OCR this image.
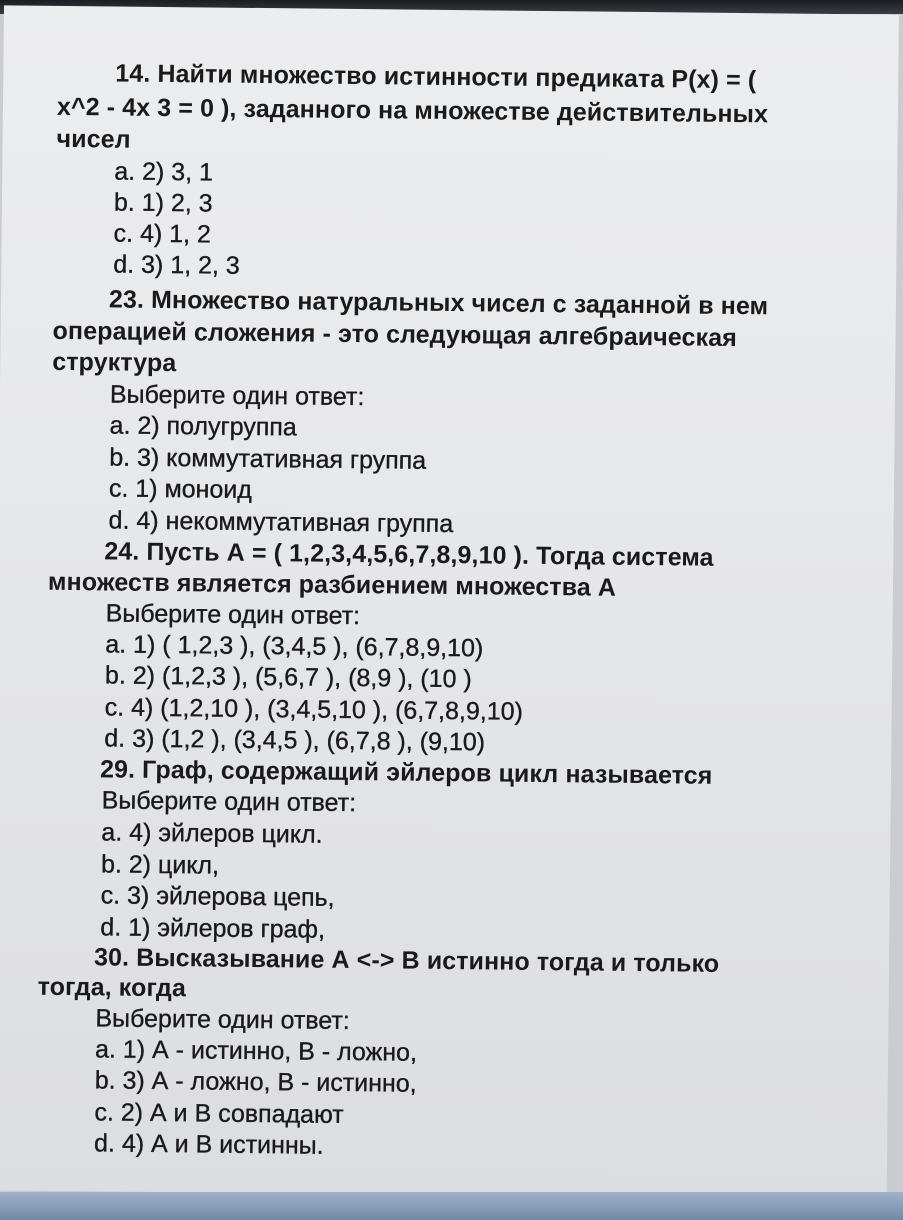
14. Найти множество истинности предиката P(x) = (

x^2 - 4x 3 = 0 ), заданного на множестве действительных

чисел

a. 2) 3, 1

b. 1) 2, 3

c. 4) 1, 2

d. 3) 1, 2, 3

23. Множество натуральных чисел с заданной в нем

операцией сложения - это следующая алгебраическая

структура

Выберите один ответ:

a. 2) полугруппа

b. 3) коммутативная группа

c. 1) моноид

d. 4) некоммутативная группа

24. Пусть А = ( 1,2,3,4,5,6,7,8,9,10 ). Тогда система

множеств является разбиением множества А

Выберите один ответ:

a. 1) ( 1,2,3 ), (3,4,5 ), (6,7,8,9,10)

b. 2) (1,2,3 ), (5,6,7 ), (8,9 ), (10 )

c. 4) (1,2,10 ), (3,4,5,10 ), (6,7,8,9,10)

d. 3) (1,2 ), (3,4,5 ), (6,7,8 ), (9,10)

29. Граф, содержащий эйлеров цикл называется

Выберите один ответ:

a. 4) эйлеров цикл.

b. 2) цикл,

c. 3) эйлерова цепь,

d. 1) эйлеров граф,

30. Высказывание А <-> В истинно тогда и только

тогда, когда

Выберите один ответ:

a. 1) А - истинно, В - ложно,

b. 3) А - ложно, В - истинно,

c. 2) А и В совпадают

d. 4) А и В истинны.
